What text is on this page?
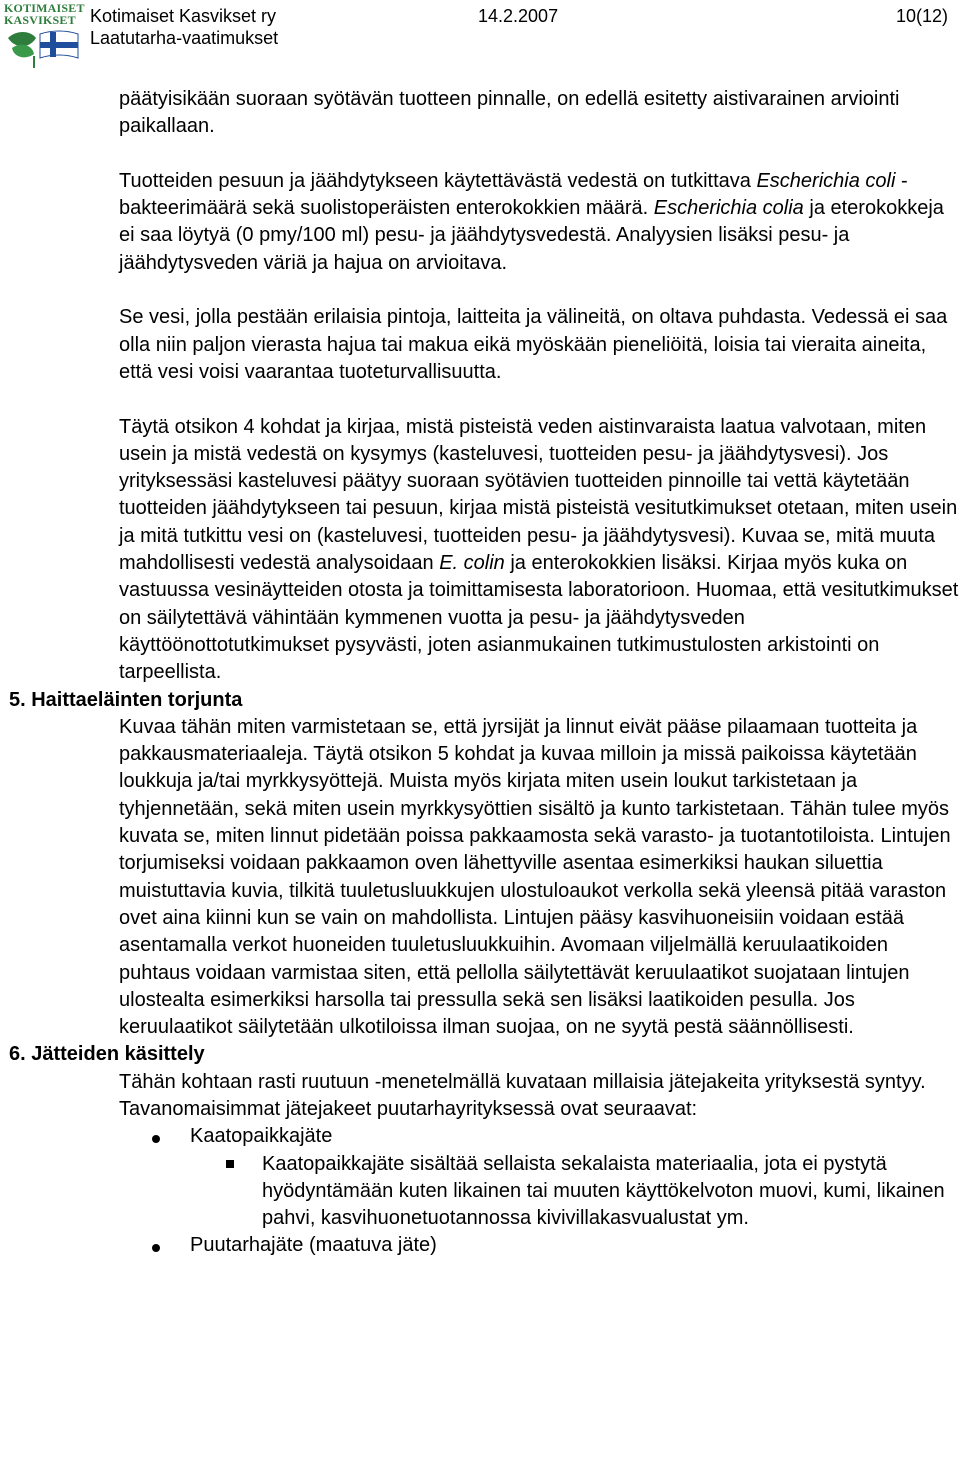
KOTIMAISET
KASVIKSET Kotimaiset Kasvikset ry
Laatutarha-vaatimukset
14.2.2007	10(12)

päätyisikään suoraan syötävän tuotteen pinnalle, on edellä esitetty aistivarainen arviointi paikallaan.

Tuotteiden pesuun ja jäähdytykseen käytettävästä vedestä on tutkittava Escherichia coli -bakteerimäärä sekä suolistoperäisten enterokokkien määrä. Escherichia colia ja eterokokkeja ei saa löytyä (0 pmy/100 ml) pesu- ja jäähdytysvedestä. Analyysien lisäksi pesu- ja jäähdytysveden väriä ja hajua on arvioitava.

Se vesi, jolla pestään erilaisia pintoja, laitteita ja välineitä, on oltava puhdasta. Vedessä ei saa olla niin paljon vierasta hajua tai makua eikä myöskään pieneliöitä, loisia tai vieraita aineita, että vesi voisi vaarantaa tuoteturvallisuutta.

Täytä otsikon 4 kohdat ja kirjaa, mistä pisteistä veden aistinvaraista laatua valvotaan, miten usein ja mistä vedestä on kysymys (kasteluvesi, tuotteiden pesu- ja jäähdytysvesi). Jos yrityksessäsi kasteluvesi päätyy suoraan syötävien tuotteiden pinnoille tai vettä käytetään tuotteiden jäähdytykseen tai pesuun, kirjaa mistä pisteistä vesitutkimukset otetaan, miten usein ja mitä tutkittu vesi on (kasteluvesi, tuotteiden pesu- ja jäähdytysvesi). Kuvaa se, mitä muuta mahdollisesti vedestä analysoidaan E. colin ja enterokokkien lisäksi. Kirjaa myös kuka on vastuussa vesinäytteiden otosta ja toimittamisesta laboratorioon. Huomaa, että vesitutkimukset on säilytettävä vähintään kymmenen vuotta ja pesu- ja jäähdytysveden käyttöönottotutkimukset pysyvästi, joten asianmukainen tutkimustulosten arkistointi on tarpeellista.

5. Haittaeläinten torjunta

Kuvaa tähän miten varmistetaan se, että jyrsijät ja linnut eivät pääse pilaamaan tuotteita ja pakkausmateriaaleja. Täytä otsikon 5 kohdat ja kuvaa milloin ja missä paikoissa käytetään loukkuja ja/tai myrkkysyöttejä. Muista myös kirjata miten usein loukut tarkistetaan ja tyhjennetään, sekä miten usein myrkkysyöttien sisältö ja kunto tarkistetaan. Tähän tulee myös kuvata se, miten linnut pidetään poissa pakkaamosta sekä varasto- ja tuotantotiloista. Lintujen torjumiseksi voidaan pakkaamon oven lähettyville asentaa esimerkiksi haukan siluettia muistuttavia kuvia, tilkitä tuuletusluukkujen ulostuloaukot verkolla sekä yleensä pitää varaston ovet aina kiinni kun se vain on mahdollista. Lintujen pääsy kasvihuoneisiin voidaan estää asentamalla verkot huoneiden tuuletusluukkuihin. Avomaan viljelmällä keruulaatikoiden puhtaus voidaan varmistaa siten, että pellolla säilytettävät keruulaatikot suojataan lintujen ulostealta esimerkiksi harsolla tai pressulla sekä sen lisäksi laatikoiden pesulla. Jos keruulaatikot säilytetään ulkotiloissa ilman suojaa, on ne syytä pestä säännöllisesti.

6. Jätteiden käsittely

Tähän kohtaan rasti ruutuun -menetelmällä kuvataan millaisia jätejakeita yrityksestä syntyy. Tavanomaisimmat jätejakeet puutarhayrityksessä ovat seuraavat:

Kaatopaikkajäte
Kaatopaikkajäte sisältää sellaista sekalaista materiaalia, jota ei pystytä hyödyntämään kuten likainen tai muuten käyttökelvoton muovi, kumi, likainen pahvi, kasvihuonetuotannossa kivivillakasvualustat ym.
Puutarhajäte (maatuva jäte)
